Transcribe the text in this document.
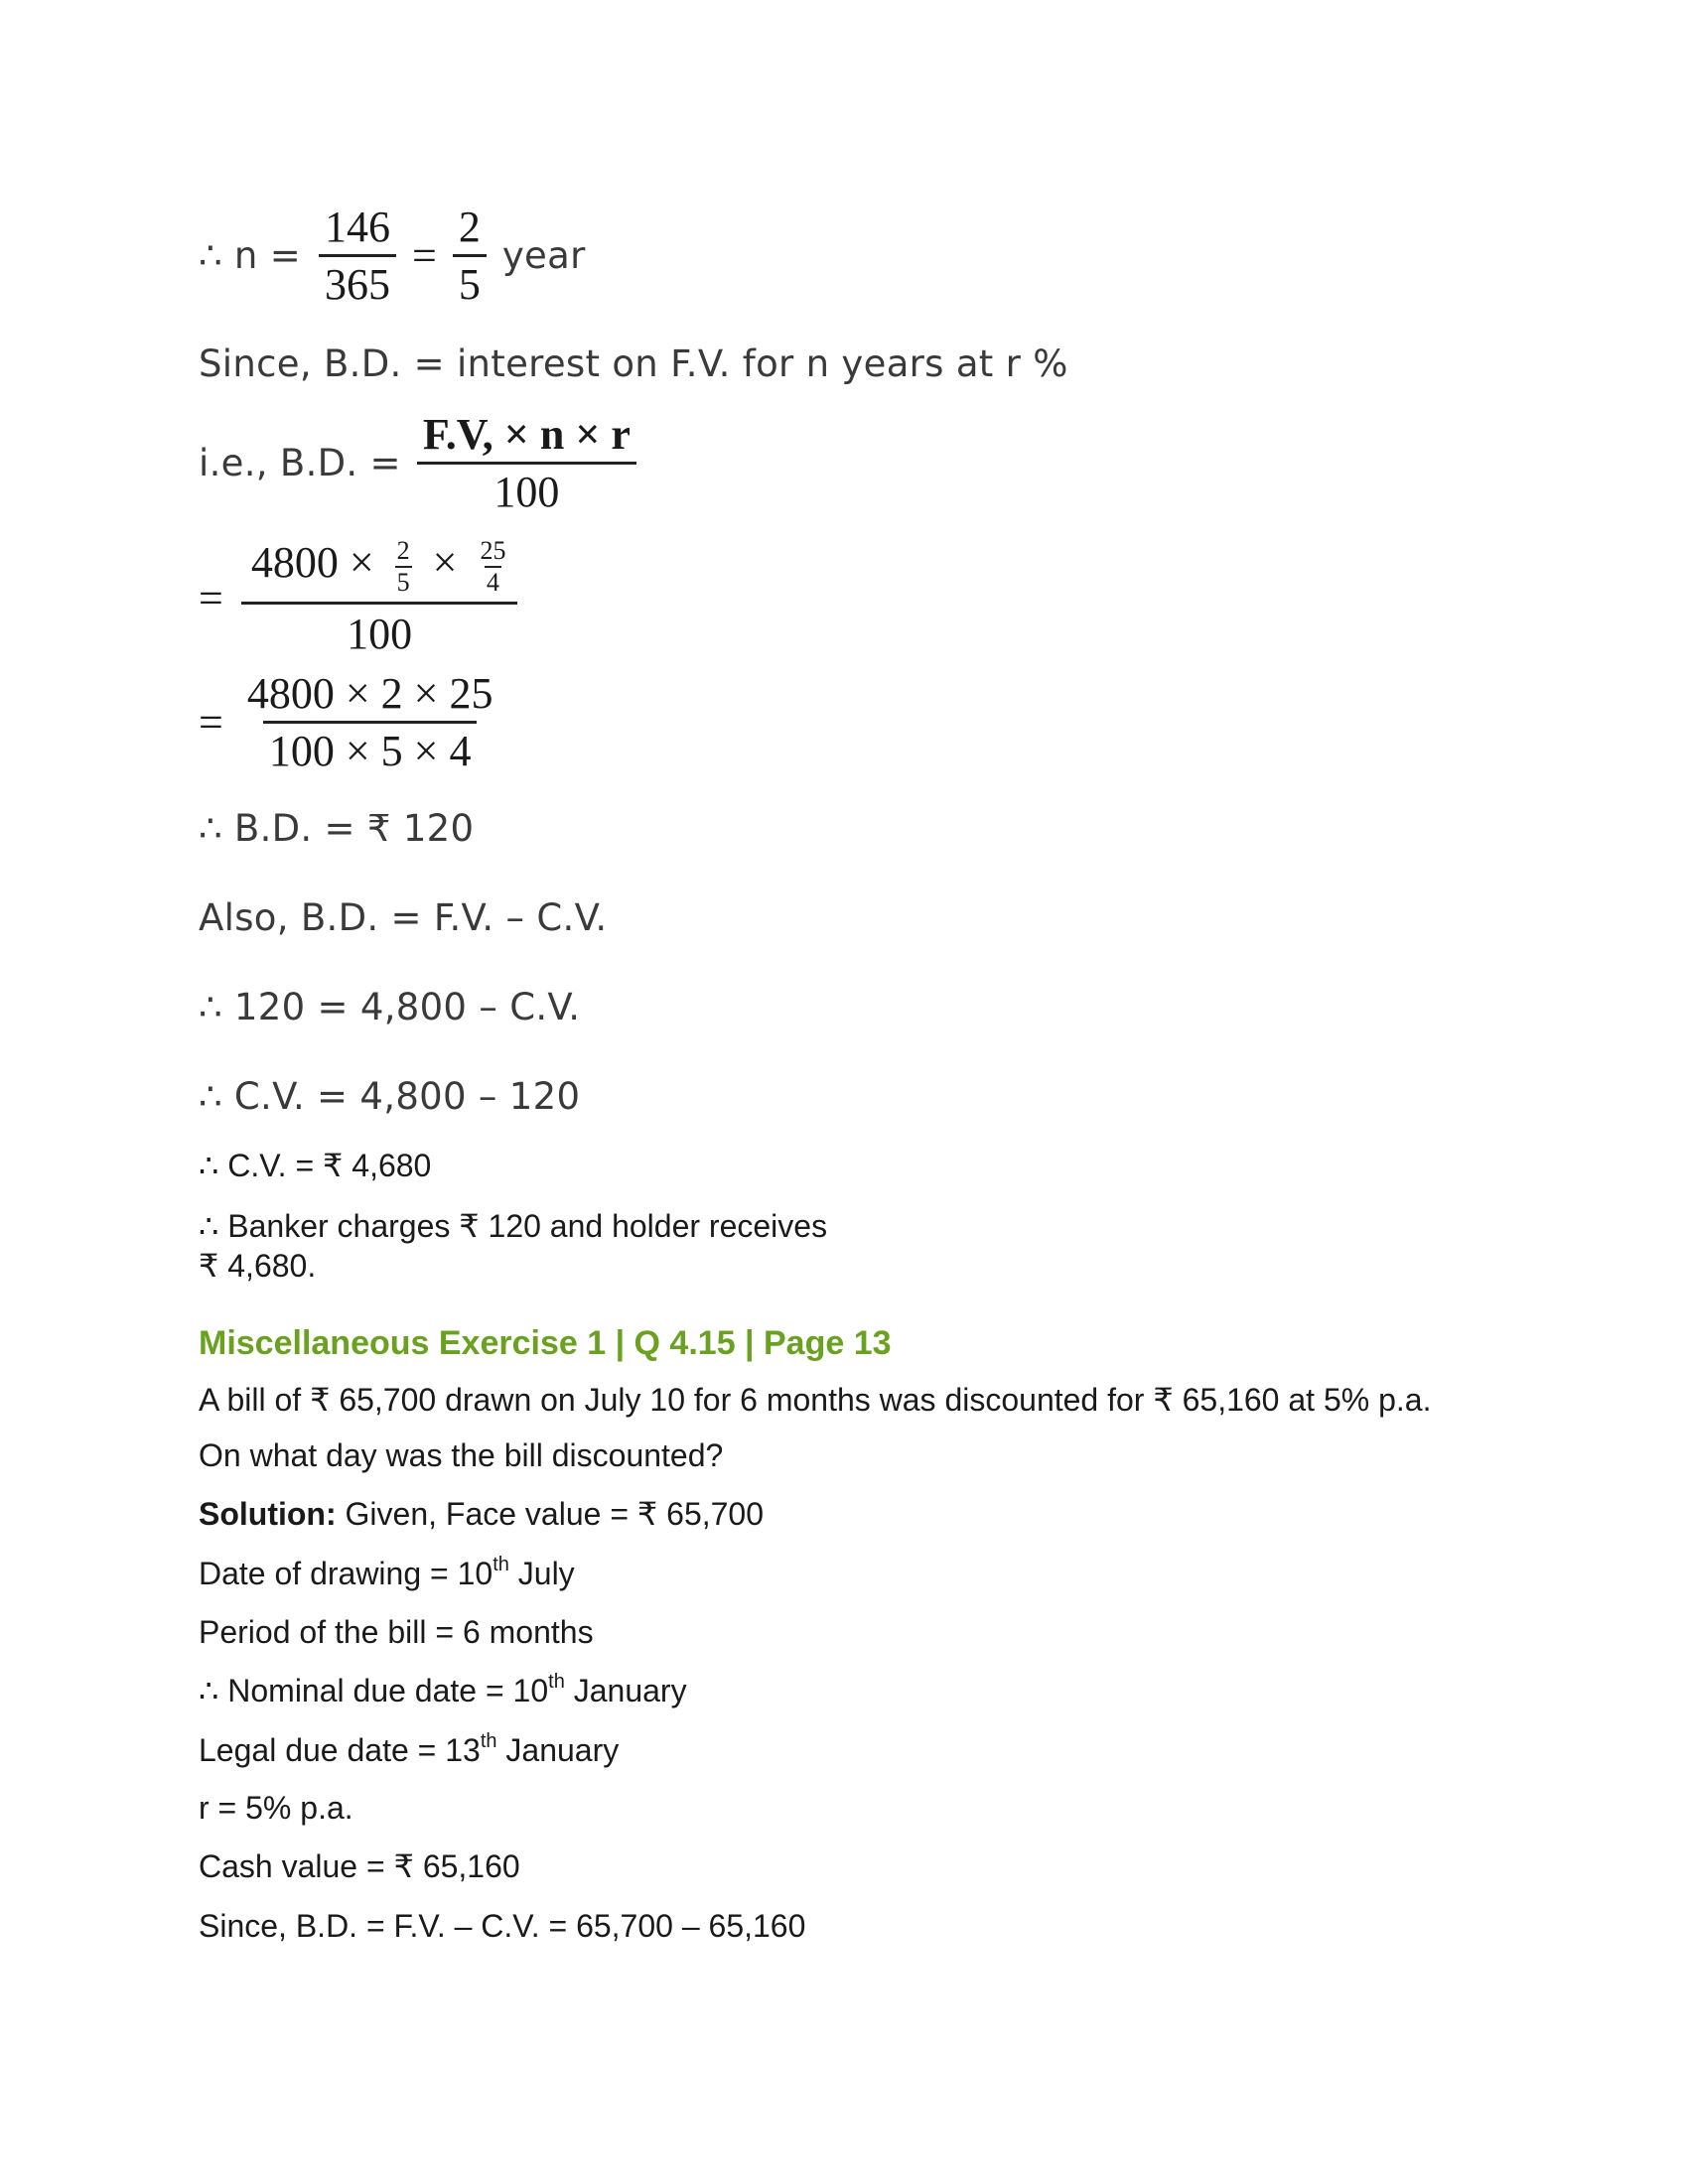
∴ $n = \frac{146}{365} = \frac{2}{5}$ year
Since, B.D. = interest on F.V. for n years at r %
i.e., B.D. = $\frac{F.V, \times n \times r}{100}$
=
$4800 \times \frac{2}{5} \times \frac{25}{4}$
100
= $\frac{4800 \times 2 \times 25}{100 \times 5 \times 4}$
∴ B.D. = ₹ 120
Also, B.D. = F.V. – C.V.
∴ 120 = 4,800 – C.V.
∴ C.V. = 4,800 – 120
∴ C.V. = ₹ 4,680
∴ Banker charges ₹ 120 and holder receives
₹ 4,680.
Miscellaneous Exercise 1 | Q 4.15 | Page 13
A bill of ₹ 65,700 drawn on July 10 for 6 months was discounted for ₹ 65,160 at 5% p.a.
On what day was the bill discounted?
Solution: Given, Face value = ₹ 65,700
Date of drawing = 10th July
Period of the bill = 6 months
∴ Nominal due date = 10th January
Legal due date = 13th January
r = 5% p.a.
Cash value = ₹ 65,160
Since, B.D. = F.V. – C.V. = 65,700 – 65,160
